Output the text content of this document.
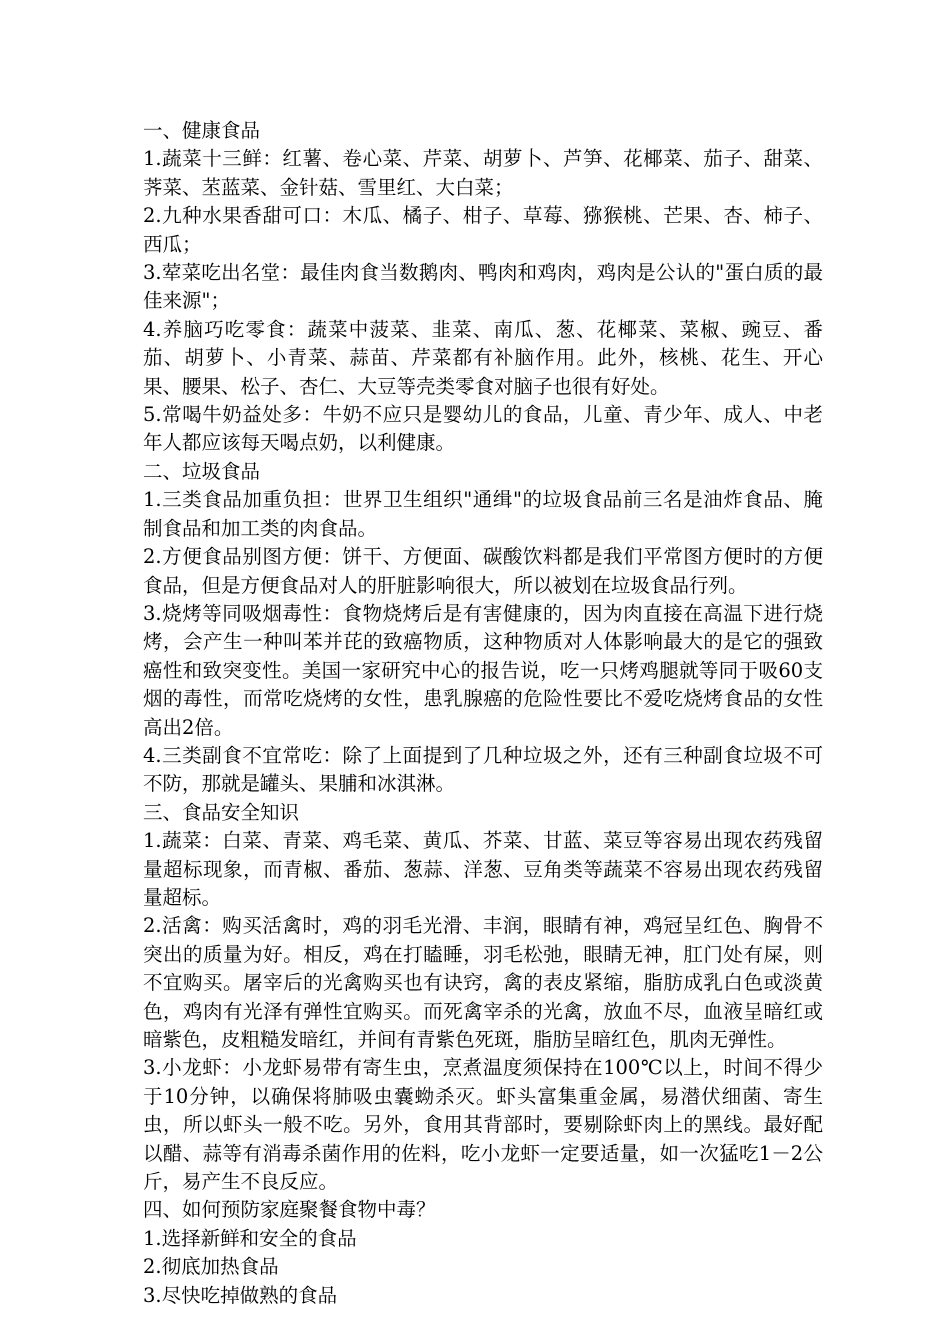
一、健康食品

1.蔬菜十三鲜：红薯、卷心菜、芹菜、胡萝卜、芦笋、花椰菜、茄子、甜菜、荠菜、苤蓝菜、金针菇、雪里红、大白菜；

2.九种水果香甜可口：木瓜、橘子、柑子、草莓、猕猴桃、芒果、杏、柿子、西瓜；

3.荤菜吃出名堂：最佳肉食当数鹅肉、鸭肉和鸡肉，鸡肉是公认的"蛋白质的最佳来源"；

4.养脑巧吃零食：蔬菜中菠菜、韭菜、南瓜、葱、花椰菜、菜椒、豌豆、番茄、胡萝卜、小青菜、蒜苗、芹菜都有补脑作用。此外，核桃、花生、开心果、腰果、松子、杏仁、大豆等壳类零食对脑子也很有好处。

5.常喝牛奶益处多：牛奶不应只是婴幼儿的食品，儿童、青少年、成人、中老年人都应该每天喝点奶，以利健康。

二、垃圾食品

1.三类食品加重负担：世界卫生组织"通缉"的垃圾食品前三名是油炸食品、腌制食品和加工类的肉食品。

2.方便食品别图方便：饼干、方便面、碳酸饮料都是我们平常图方便时的方便食品，但是方便食品对人的肝脏影响很大，所以被划在垃圾食品行列。

3.烧烤等同吸烟毒性：食物烧烤后是有害健康的，因为肉直接在高温下进行烧烤，会产生一种叫苯并芘的致癌物质，这种物质对人体影响最大的是它的强致癌性和致突变性。美国一家研究中心的报告说，吃一只烤鸡腿就等同于吸60支烟的毒性，而常吃烧烤的女性，患乳腺癌的危险性要比不爱吃烧烤食品的女性高出2倍。

4.三类副食不宜常吃：除了上面提到了几种垃圾之外，还有三种副食垃圾不可不防，那就是罐头、果脯和冰淇淋。

三、食品安全知识

1.蔬菜：白菜、青菜、鸡毛菜、黄瓜、芥菜、甘蓝、菜豆等容易出现农药残留量超标现象，而青椒、番茄、葱蒜、洋葱、豆角类等蔬菜不容易出现农药残留量超标。

2.活禽：购买活禽时，鸡的羽毛光滑、丰润，眼睛有神，鸡冠呈红色、胸骨不突出的质量为好。相反，鸡在打瞌睡，羽毛松弛，眼睛无神，肛门处有屎，则不宜购买。屠宰后的光禽购买也有诀窍，禽的表皮紧缩，脂肪成乳白色或淡黄色，鸡肉有光泽有弹性宜购买。而死禽宰杀的光禽，放血不尽，血液呈暗红或暗紫色，皮粗糙发暗红，并间有青紫色死斑，脂肪呈暗红色，肌肉无弹性。

3.小龙虾：小龙虾易带有寄生虫，烹煮温度须保持在100℃以上，时间不得少于10分钟，以确保将肺吸虫囊蚴杀灭。虾头富集重金属，易潜伏细菌、寄生虫，所以虾头一般不吃。另外，食用其背部时，要剔除虾肉上的黑线。最好配以醋、蒜等有消毒杀菌作用的佐料，吃小龙虾一定要适量，如一次猛吃1－2公斤，易产生不良反应。

四、如何预防家庭聚餐食物中毒？

1.选择新鲜和安全的食品

2.彻底加热食品

3.尽快吃掉做熟的食品
